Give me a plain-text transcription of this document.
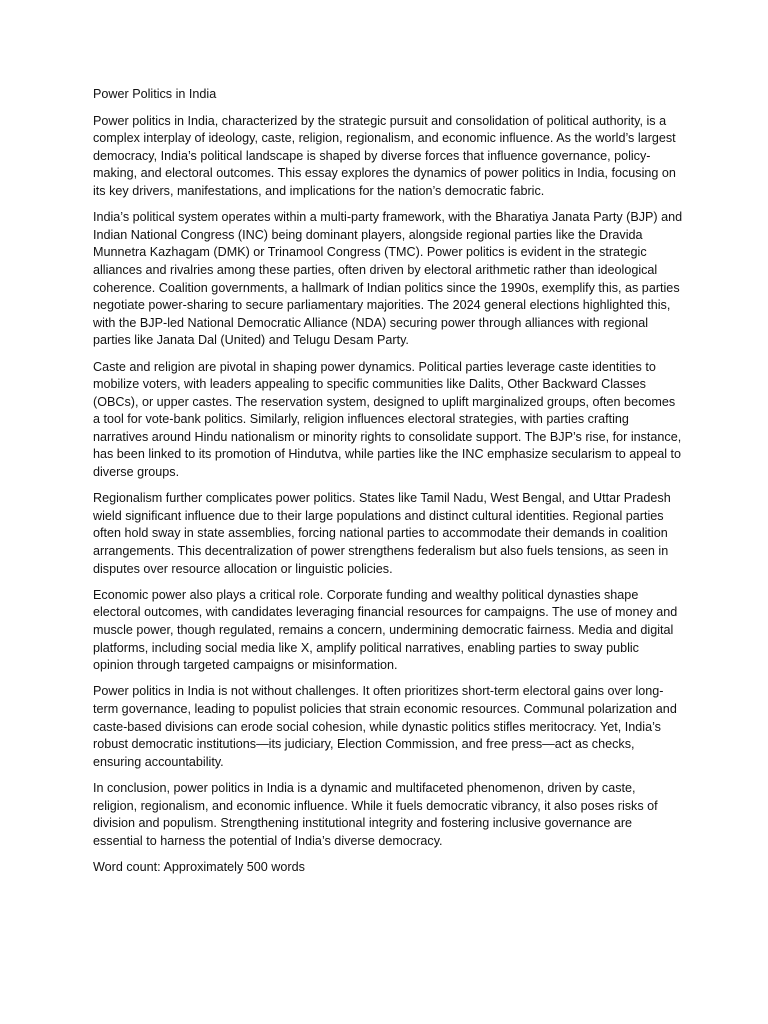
Power Politics in India

Power politics in India, characterized by the strategic pursuit and consolidation of political authority, is a complex interplay of ideology, caste, religion, regionalism, and economic influence. As the world’s largest democracy, India’s political landscape is shaped by diverse forces that influence governance, policy-making, and electoral outcomes. This essay explores the dynamics of power politics in India, focusing on its key drivers, manifestations, and implications for the nation’s democratic fabric.

India’s political system operates within a multi-party framework, with the Bharatiya Janata Party (BJP) and Indian National Congress (INC) being dominant players, alongside regional parties like the Dravida Munnetra Kazhagam (DMK) or Trinamool Congress (TMC). Power politics is evident in the strategic alliances and rivalries among these parties, often driven by electoral arithmetic rather than ideological coherence. Coalition governments, a hallmark of Indian politics since the 1990s, exemplify this, as parties negotiate power-sharing to secure parliamentary majorities. The 2024 general elections highlighted this, with the BJP-led National Democratic Alliance (NDA) securing power through alliances with regional parties like Janata Dal (United) and Telugu Desam Party.

Caste and religion are pivotal in shaping power dynamics. Political parties leverage caste identities to mobilize voters, with leaders appealing to specific communities like Dalits, Other Backward Classes (OBCs), or upper castes. The reservation system, designed to uplift marginalized groups, often becomes a tool for vote-bank politics. Similarly, religion influences electoral strategies, with parties crafting narratives around Hindu nationalism or minority rights to consolidate support. The BJP’s rise, for instance, has been linked to its promotion of Hindutva, while parties like the INC emphasize secularism to appeal to diverse groups.

Regionalism further complicates power politics. States like Tamil Nadu, West Bengal, and Uttar Pradesh wield significant influence due to their large populations and distinct cultural identities. Regional parties often hold sway in state assemblies, forcing national parties to accommodate their demands in coalition arrangements. This decentralization of power strengthens federalism but also fuels tensions, as seen in disputes over resource allocation or linguistic policies.

Economic power also plays a critical role. Corporate funding and wealthy political dynasties shape electoral outcomes, with candidates leveraging financial resources for campaigns. The use of money and muscle power, though regulated, remains a concern, undermining democratic fairness. Media and digital platforms, including social media like X, amplify political narratives, enabling parties to sway public opinion through targeted campaigns or misinformation.

Power politics in India is not without challenges. It often prioritizes short-term electoral gains over long-term governance, leading to populist policies that strain economic resources. Communal polarization and caste-based divisions can erode social cohesion, while dynastic politics stifles meritocracy. Yet, India’s robust democratic institutions—its judiciary, Election Commission, and free press—act as checks, ensuring accountability.

In conclusion, power politics in India is a dynamic and multifaceted phenomenon, driven by caste, religion, regionalism, and economic influence. While it fuels democratic vibrancy, it also poses risks of division and populism. Strengthening institutional integrity and fostering inclusive governance are essential to harness the potential of India’s diverse democracy.

Word count: Approximately 500 words
